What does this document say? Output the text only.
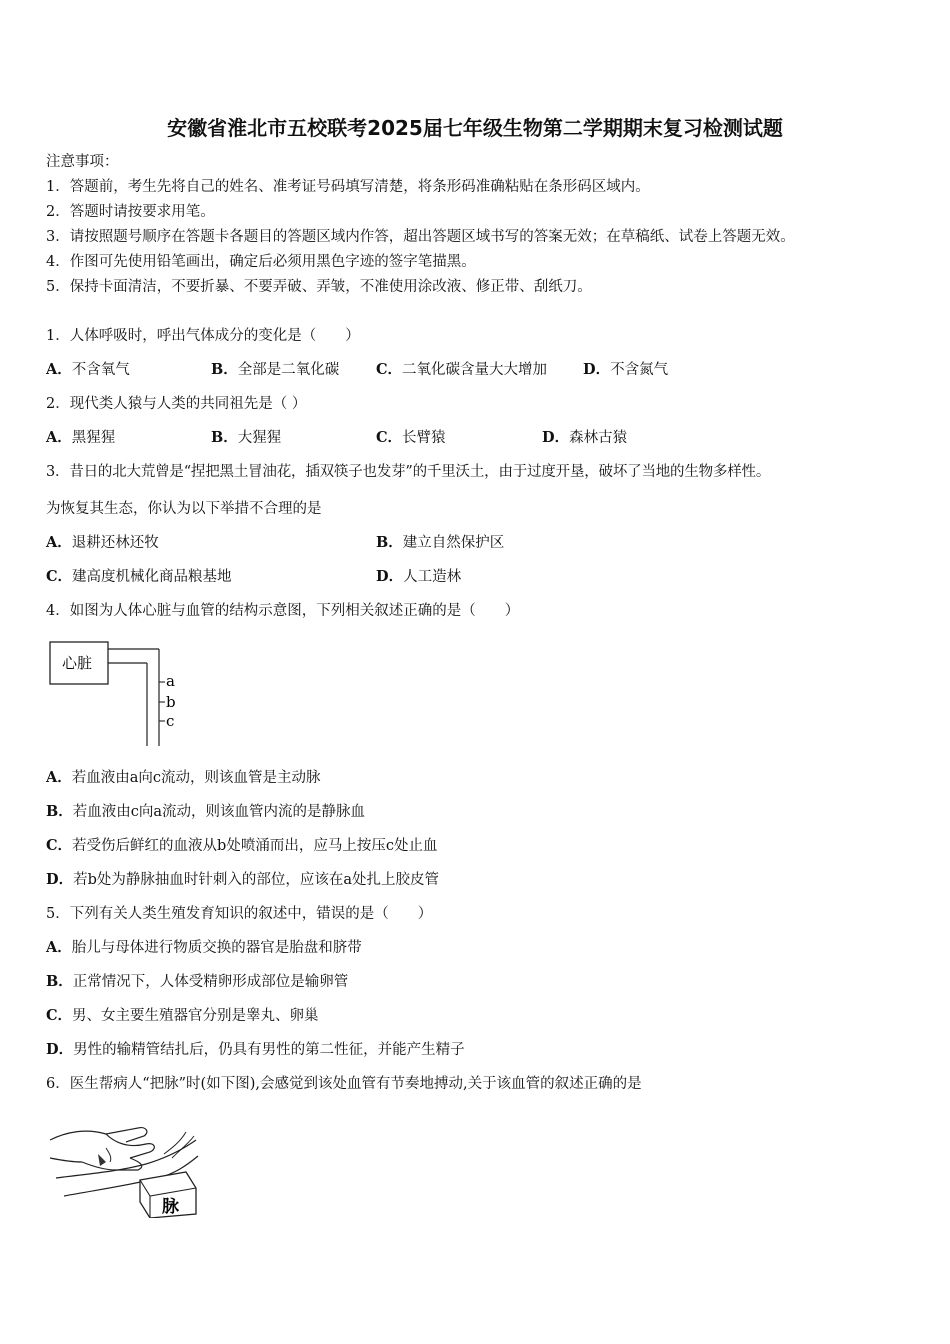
安徽省淮北市五校联考2025届七年级生物第二学期期末复习检测试题
注意事项：
1．答题前，考生先将自己的姓名、准考证号码填写清楚，将条形码准确粘贴在条形码区域内。
2．答题时请按要求用笔。
3．请按照题号顺序在答题卡各题目的答题区域内作答，超出答题区域书写的答案无效；在草稿纸、试卷上答题无效。
4．作图可先使用铅笔画出，确定后必须用黑色字迹的签字笔描黑。
5．保持卡面清洁，不要折暴、不要弄破、弄皱，不准使用涂改液、修正带、刮纸刀。
1．人体呼吸时，呼出气体成分的变化是（　　）
A．不含氧气	B．全部是二氧化碳	C．二氧化碳含量大大增加 D．不含氮气
2．现代类人猿与人类的共同祖先是（ ）
A．黑猩猩	B．大猩猩	C．长臂猿	D．森林古猿
3．昔日的北大荒曾是“捏把黑土冒油花，插双筷子也发芽”的千里沃土，由于过度开垦，破坏了当地的生物多样性。
为恢复其生态，你认为以下举措不合理的是
A．退耕还林还牧	B．建立自然保护区
C．建高度机械化商品粮基地	D．人工造林
4．如图为人体心脏与血管的结构示意图，下列相关叙述正确的是（　　）
心脏
a
b
c
A．若血液由a向c流动，则该血管是主动脉
B．若血液由c向a流动，则该血管内流的是静脉血
C．若受伤后鲜红的血液从b处喷涌而出，应马上按压c处止血
D．若b处为静脉抽血时针刺入的部位，应该在a处扎上胶皮管
5．下列有关人类生殖发育知识的叙述中，错误的是（　　）
A．胎儿与母体进行物质交换的器官是胎盘和脐带
B．正常情况下，人体受精卵形成部位是输卵管
C．男、女主要生殖器官分别是睾丸、卵巢
D．男性的输精管结扎后，仍具有男性的第二性征，并能产生精子
6．医生帮病人“把脉”时(如下图),会感觉到该处血管有节奏地搏动,关于该血管的叙述正确的是
脉
